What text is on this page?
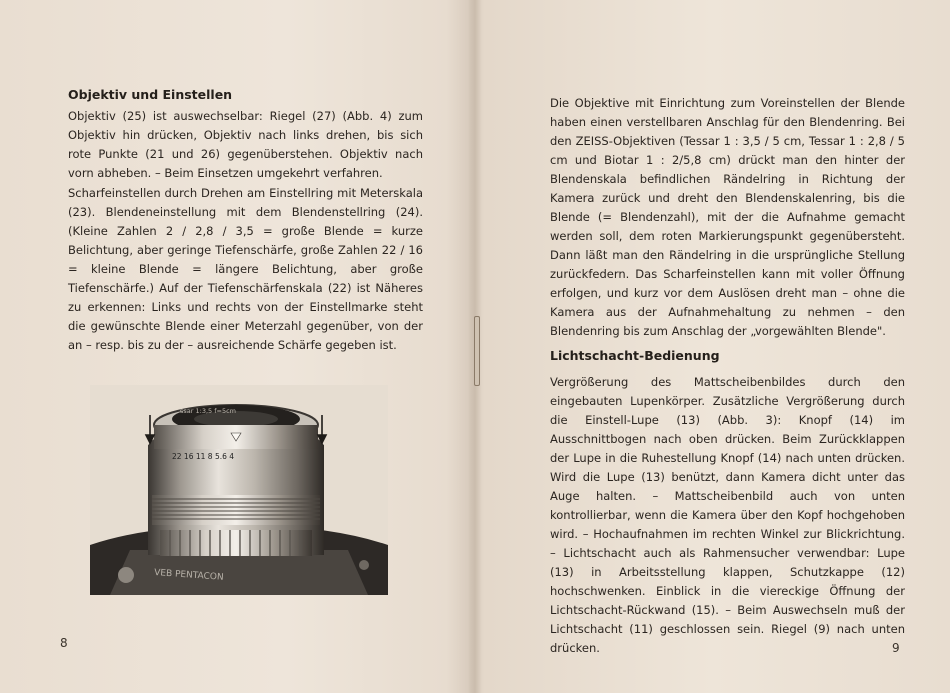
Objektiv und Einstellen
Objektiv (25) ist auswechselbar: Riegel (27) (Abb. 4) zum Objektiv hin drücken, Objektiv nach links drehen, bis sich rote Punkte (21 und 26) gegenüberstehen. Objektiv nach vorn abheben. – Beim Einsetzen umgekehrt verfahren.
Scharfeinstellen durch Drehen am Einstellring mit Meterskala (23). Blendeneinstellung mit dem Blendenstellring (24). (Kleine Zahlen 2 / 2,8 / 3,5 = große Blende = kurze Belichtung, aber geringe Tiefenschärfe, große Zahlen 22 / 16 = kleine Blende = längere Belichtung, aber große Tiefenschärfe.) Auf der Tiefenschärfenskala (22) ist Näheres zu erkennen: Links und rechts von der Einstellmarke steht die gewünschte Blende einer Meterzahl gegenüber, von der an – resp. bis zu der – ausreichende Schärfe gegeben ist.
22 16 11 8 5.6 4
ssar 1:3,5 f=5cm
VEB PENTACON
8
Die Objektive mit Einrichtung zum Voreinstellen der Blende haben einen verstellbaren Anschlag für den Blendenring. Bei den ZEISS-Objektiven (Tessar 1 : 3,5 / 5 cm, Tessar 1 : 2,8 / 5 cm und Biotar 1 : 2/5,8 cm) drückt man den hinter der Blendenskala befindlichen Rändelring in Richtung der Kamera zurück und dreht den Blendenskalenring, bis die Blende (= Blendenzahl), mit der die Aufnahme gemacht werden soll, dem roten Markierungspunkt gegenübersteht. Dann läßt man den Rändelring in die ursprüngliche Stellung zurückfedern. Das Scharfeinstellen kann mit voller Öffnung erfolgen, und kurz vor dem Auslösen dreht man – ohne die Kamera aus der Aufnahmehaltung zu nehmen – den Blendenring bis zum Anschlag der „vorgewählten Blende".
Lichtschacht-Bedienung
Vergrößerung des Mattscheibenbildes durch den eingebauten Lupenkörper. Zusätzliche Vergrößerung durch die Einstell-Lupe (13) (Abb. 3): Knopf (14) im Ausschnittbogen nach oben drücken. Beim Zurückklappen der Lupe in die Ruhestellung Knopf (14) nach unten drücken. Wird die Lupe (13) benützt, dann Kamera dicht unter das Auge halten. – Mattscheibenbild auch von unten kontrollierbar, wenn die Kamera über den Kopf hochgehoben wird. – Hochaufnahmen im rechten Winkel zur Blickrichtung. – Lichtschacht auch als Rahmensucher verwendbar: Lupe (13) in Arbeitsstellung klappen, Schutzkappe (12) hochschwenken. Einblick in die viereckige Öffnung der Lichtschacht-Rückwand (15). – Beim Auswechseln muß der Lichtschacht (11) geschlossen sein. Riegel (9) nach unten drücken.	9
